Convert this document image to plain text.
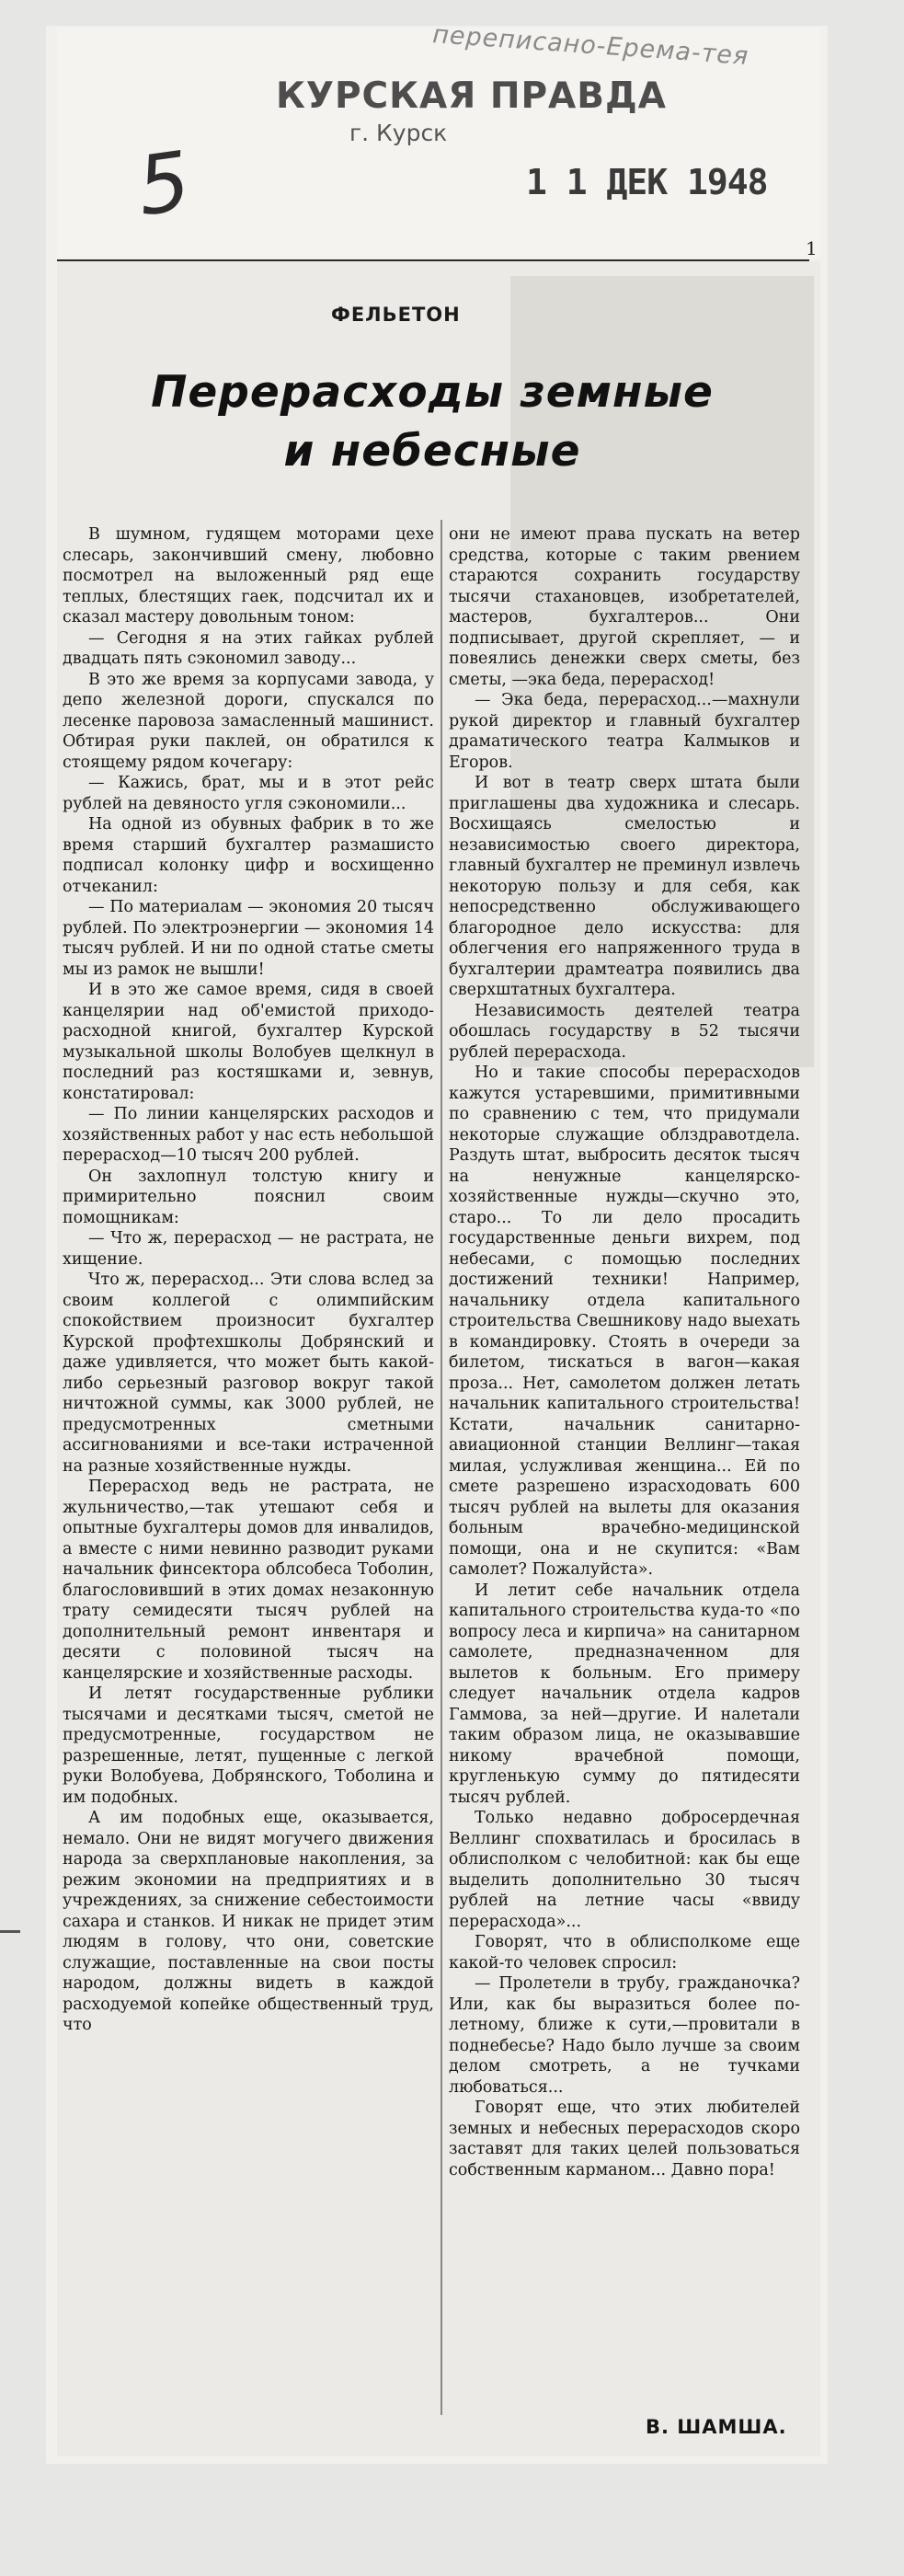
переписано-Ерема-тея
КУРСКАЯ ПРАВДА
г. Курск
1 1 ДЕК 1948
5
1
ФЕЛЬЕТОН
Перерасходы земные
и небесные

В шумном, гудящем моторами цехе слесарь, закончивший смену, любовно посмотрел на выложенный ряд еще теплых, блестящих гаек, подсчитал их и сказал мастеру довольным тоном:

— Сегодня я на этих гайках рублей двадцать пять сэкономил заводу...

В это же время за корпусами завода, у депо железной дороги, спускался по лесенке паровоза замасленный машинист. Обтирая руки паклей, он обратился к стоящему рядом кочегару:

— Кажись, брат, мы и в этот рейс рублей на девяносто угля сэкономили...

На одной из обувных фабрик в то же время старший бухгалтер размашисто подписал колонку цифр и восхищенно отчеканил:

— По материалам — экономия 20 тысяч рублей. По электроэнергии — экономия 14 тысяч рублей. И ни по одной статье сметы мы из рамок не вышли!

И в это же самое время, сидя в своей канцелярии над об'емистой приходо-расходной книгой, бухгалтер Курской музыкальной школы Волобуев щелкнул в последний раз костяшками и, зевнув, констатировал:

— По линии канцелярских расходов и хозяйственных работ у нас есть небольшой перерасход—10 тысяч 200 рублей.

Он захлопнул толстую книгу и примирительно пояснил своим помощникам:

— Что ж, перерасход — не растрата, не хищение.

Что ж, перерасход... Эти слова вслед за своим коллегой с олимпийским спокойствием произносит бухгалтер Курской профтехшколы Добрянский и даже удивляется, что может быть какой-либо серьезный разговор вокруг такой ничтожной суммы, как 3000 рублей, не предусмотренных сметными ассигнованиями и все-таки истраченной на разные хозяйственные нужды.

Перерасход ведь не растрата, не жульничество,—так утешают себя и опытные бухгалтеры домов для инвалидов, а вместе с ними невинно разводит руками начальник финсектора облсобеса Тоболин, благословивший в этих домах незаконную трату семидесяти тысяч рублей на дополнительный ремонт инвентаря и десяти с половиной тысяч на канцелярские и хозяйственные расходы.

И летят государственные рублики тысячами и десятками тысяч, сметой не предусмотренные, государством не разрешенные, летят, пущенные с легкой руки Волобуева, Добрянского, Тоболина и им подобных.

А им подобных еще, оказывается, немало. Они не видят могучего движения народа за сверхплановые накопления, за режим экономии на предприятиях и в учреждениях, за снижение себестоимости сахара и станков. И никак не придет этим людям в голову, что они, советские служащие, поставленные на свои посты народом, должны видеть в каждой расходуемой копейке общественный труд, что

они не имеют права пускать на ветер средства, которые с таким рвением стараются сохранить государству тысячи стахановцев, изобретателей, мастеров, бухгалтеров... Они подписывает, другой скрепляет, — и повеялись денежки сверх сметы, без сметы, —эка беда, перерасход!

— Эка беда, перерасход...—махнули рукой директор и главный бухгалтер драматического театра Калмыков и Егоров.

И вот в театр сверх штата были приглашены два художника и слесарь. Восхищаясь смелостью и независимостью своего директора, главный бухгалтер не преминул извлечь некоторую пользу и для себя, как непосредственно обслуживающего благородное дело искусства: для облегчения его напряженного труда в бухгалтерии драмтеатра появились два сверхштатных бухгалтера.

Независимость деятелей театра обошлась государству в 52 тысячи рублей перерасхода.

Но и такие способы перерасходов кажутся устаревшими, примитивными по сравнению с тем, что придумали некоторые служащие облздравотдела. Раздуть штат, выбросить десяток тысяч на ненужные канцелярско-хозяйственные нужды—скучно это, старо... То ли дело просадить государственные деньги вихрем, под небесами, с помощью последних достижений техники! Например, начальнику отдела капитального строительства Свешникову надо выехать в командировку. Стоять в очереди за билетом, тискаться в вагон—какая проза... Нет, самолетом должен летать начальник капитального строительства! Кстати, начальник санитарно-авиационной станции Веллинг—такая милая, услужливая женщина... Ей по смете разрешено израсходовать 600 тысяч рублей на вылеты для оказания больным врачебно-медицинской помощи, она и не скупится: «Вам самолет? Пожалуйста».

И летит себе начальник отдела капитального строительства куда-то «по вопросу леса и кирпича» на санитарном самолете, предназначенном для вылетов к больным. Его примеру следует начальник отдела кадров Гаммова, за ней—другие. И налетали таким образом лица, не оказывавшие никому врачебной помощи, кругленькую сумму до пятидесяти тысяч рублей.

Только недавно добросердечная Веллинг спохватилась и бросилась в облисполком с челобитной: как бы еще выделить дополнительно 30 тысяч рублей на летние часы «ввиду перерасхода»...

Говорят, что в облисполкоме еще какой-то человек спросил:

— Пролетели в трубу, гражданочка? Или, как бы выразиться более по-летному, ближе к сути,—провитали в поднебесье? Надо было лучше за своим делом смотреть, а не тучками любоваться...

Говорят еще, что этих любителей земных и небесных перерасходов скоро заставят для таких целей пользоваться собственным карманом... Давно пора!

В. ШАМША.
